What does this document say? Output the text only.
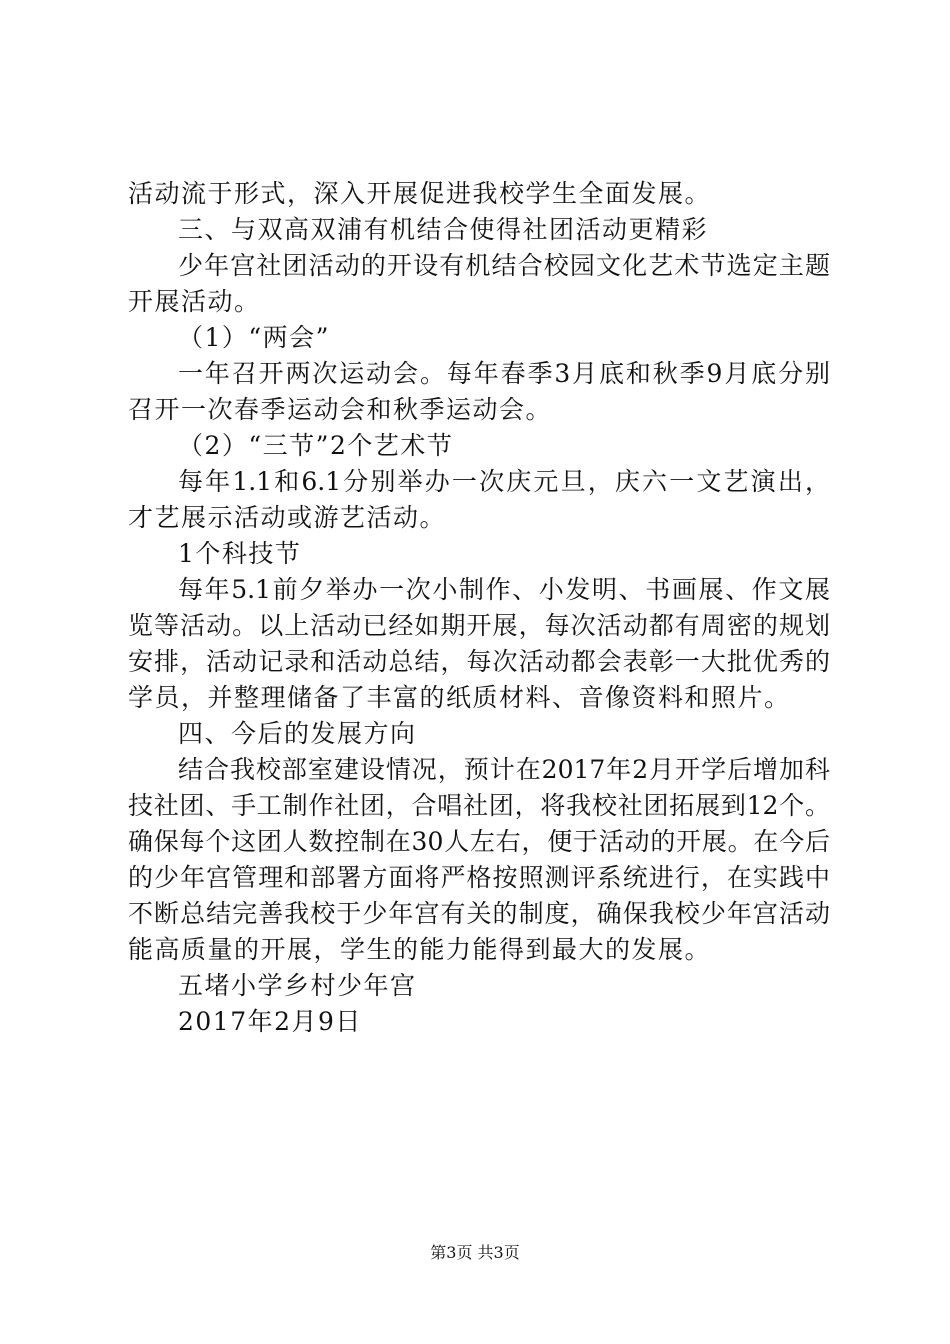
活动流于形式，深入开展促进我校学生全面发展。
三、与双高双浦有机结合使得社团活动更精彩
少年宫社团活动的开设有机结合校园文化艺术节选定主题
开展活动。
（1）“两会”
一年召开两次运动会。每年春季3月底和秋季9月底分别
召开一次春季运动会和秋季运动会。
（2）“三节”2个艺术节
每年1.1和6.1分别举办一次庆元旦，庆六一文艺演出，
才艺展示活动或游艺活动。
1个科技节
每年5.1前夕举办一次小制作、小发明、书画展、作文展
览等活动。以上活动已经如期开展，每次活动都有周密的规划
安排，活动记录和活动总结，每次活动都会表彰一大批优秀的
学员，并整理储备了丰富的纸质材料、音像资料和照片。
四、今后的发展方向
结合我校部室建设情况，预计在2017年2月开学后增加科
技社团、手工制作社团，合唱社团，将我校社团拓展到12个。
确保每个这团人数控制在30人左右，便于活动的开展。在今后
的少年宫管理和部署方面将严格按照测评系统进行，在实践中
不断总结完善我校于少年宫有关的制度，确保我校少年宫活动
能高质量的开展，学生的能力能得到最大的发展。
五堵小学乡村少年宫
2017年2月9日
第3页 共3页
